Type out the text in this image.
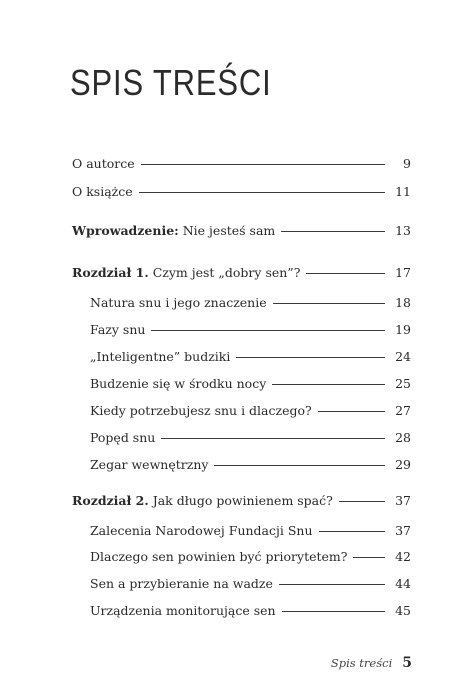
SPIS TREŚCI
O autorce	9
O książce	11
Wprowadzenie: Nie jesteś sam	13
Rozdział 1. Czym jest „dobry sen”?	17
Natura snu i jego znaczenie	18
Fazy snu	19
„Inteligentne” budziki	24
Budzenie się w środku nocy	25
Kiedy potrzebujesz snu i dlaczego?	27
Popęd snu	28
Zegar wewnętrzny	29
Rozdział 2. Jak długo powinienem spać?	37
Zalecenia Narodowej Fundacji Snu	37
Dlaczego sen powinien być priorytetem?	42
Sen a przybieranie na wadze	44
Urządzenia monitorujące sen	45
Spis treści 5
